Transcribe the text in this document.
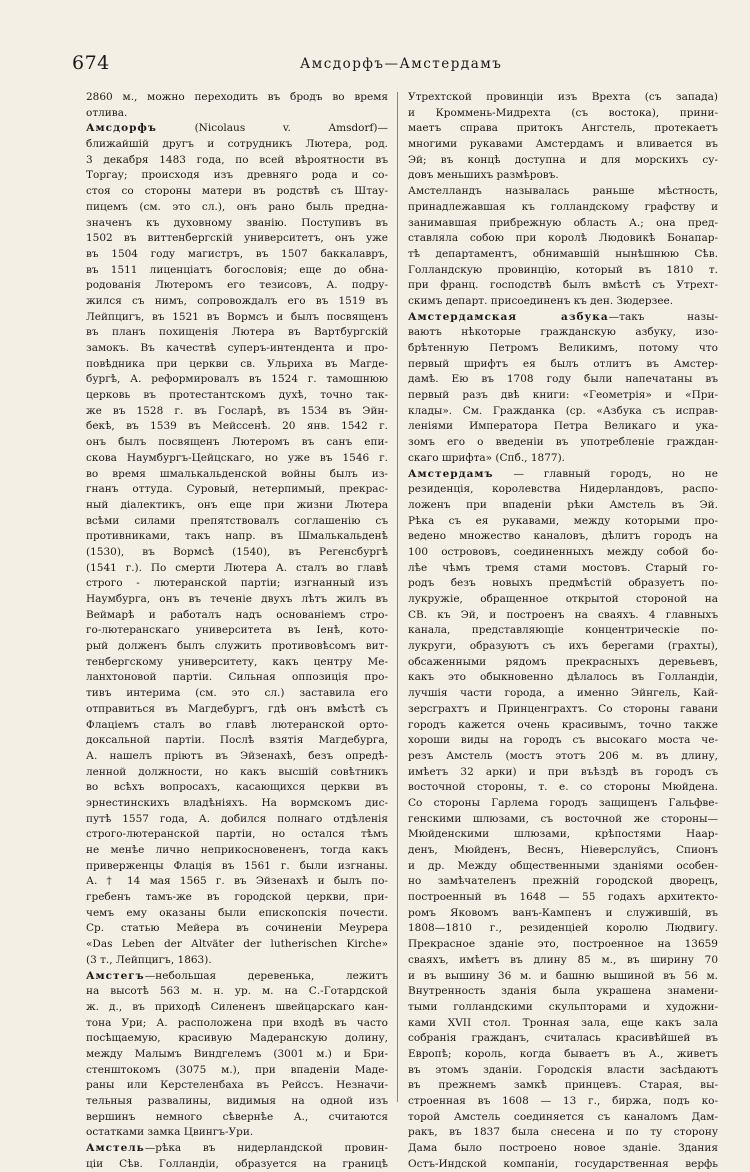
674	Амсдорфъ—Амстердамъ
2860 м., можно переходить въ бродъ во время
отлива.
Амсдорфъ (Nicolaus v. Amsdorf)—
ближайшій другъ и сотрудникъ Лютера, род.
3 декабря 1483 года, по всей вѣроятности въ
Торгау; происходя изъ древняго рода и со-
стоя со стороны матери въ родствѣ съ Штау-
пицемъ (см. это сл.), онъ рано быль предна-
значенъ къ духовному званію. Поступивъ въ
1502 въ виттенбергскій университетъ, онъ уже
въ 1504 году магистръ, въ 1507 баккалавръ,
въ 1511 лиценціатъ богословія; еще до обна-
родованія Лютеромъ его тезисовъ, А. подру-
жился съ нимъ, сопровождалъ его въ 1519 въ
Лейпцигъ, въ 1521 въ Вормсъ и былъ посвященъ
въ планъ похищенія Лютера въ Вартбургскій
замокъ. Въ качествѣ суперъ-интендента и про-
повѣдника при церкви св. Ульриха въ Магде-
бургѣ, А. реформировалъ въ 1524 г. тамошнюю
церковь въ протестантскомъ духѣ, точно так-
же въ 1528 г. въ Госларѣ, въ 1534 въ Эйн-
бекѣ, въ 1539 въ Мейссенѣ. 20 янв. 1542 г.
онъ былъ посвященъ Лютеромъ въ санъ епи-
скова Наумбургъ-Цейцскаго, но уже въ 1546 г.
во время шмалькальденской войны былъ из-
гнанъ оттуда. Суровый, нетерпимый, прекрас-
ный діалектикъ, онъ еще при жизни Лютера
всѣми силами препятствовалъ соглашенію съ
противниками, такъ напр. въ Шмалькальденѣ
(1530), въ Вормсѣ (1540), въ Регенсбургѣ
(1541 г.). По смерти Лютера А. сталъ во главѣ
строго - лютеранской партіи; изгнанный изъ
Наумбурга, онъ въ теченіе двухъ лѣтъ жилъ въ
Веймарѣ и работалъ надъ основаніемъ стро-
го-лютеранскаго университета въ Іенѣ, кото-
рый долженъ былъ служить противовѣсомъ вит-
тенбергскому университету, какъ центру Ме-
ланхтоновой партіи. Сильная оппозиція про-
тивъ интерима (см. это сл.) заставила его
отправиться въ Магдебургъ, гдѣ онъ вмѣстѣ съ
Флаціемъ сталъ во главѣ лютеранской орто-
доксальной партіи. Послѣ взятія Магдебурга,
А. нашелъ пріютъ въ Эйзенахѣ, безъ опредѣ-
ленной должности, но какъ высшій совѣтникъ
во всѣхъ вопросахъ, касающихся церкви въ
эрнестинскихъ владѣніяхъ. На вормскомъ дис-
путѣ 1557 года, А. добился полнаго отдѣленія
строго-лютеранской партіи, но остался тѣмъ
не менѣе лично неприкосновененъ, тогда какъ
приверженцы Флація въ 1561 г. были изгнаны.
А. † 14 мая 1565 г. въ Эйзенахѣ и былъ по-
гребенъ тамъ-же въ городской церкви, при-
чемъ ему оказаны были епископскія почести.
Ср. статью Мейера въ сочиненіи Меурера
«Das Leben der Altväter der lutherischen Kirche»
(3 т., Лейпцигъ, 1863).
Амстегъ—небольшая деревенька, лежитъ
на высотѣ 563 м. н. ур. м. на С.-Готардской
ж. д., въ приходѣ Силененъ швейцарскаго кан-
тона Ури; А. расположена при входѣ въ часто
посѣщаемую, красивую Мадеранскую долину,
между Малымъ Виндгелемъ (3001 м.) и Бри-
стенштокомъ (3075 м.), при впаденіи Маде-
раны или Керстеленбаха въ Рейссъ. Незначи-
тельныя развалины, видимыя на одной изъ
вершинъ немного сѣвернѣе А., считаются
остатками замка Цвингъ-Ури.
Амстель—рѣка въ нидерландской провин-
ціи Сѣв. Голландіи, образуется на границѣ
Утрехтской провинціи изъ Врехта (съ запада)
и Кроммень-Мидрехта (съ востока), прини-
маетъ справа притокъ Ангстель, протекаетъ
многими рукавами Амстердамъ и вливается въ
Эй; въ концѣ доступна и для морскихъ су-
довъ меньшихъ размѣровъ.
Амстелландъ называлась раньше мѣстность,
принадлежавшая къ голландскому графству и
занимавшая прибрежную область А.; она пред-
ставляла собою при королѣ Людовикѣ Бонапар-
тѣ департаментъ, обнимавшій нынѣшнюю Сѣв.
Голландскую провинцію, который въ 1810 т.
при франц. господствѣ былъ вмѣстѣ съ Утрехт-
скимъ департ. присоединенъ къ ден. Зюдерзее.
Амстердамская азбука—такъ назы-
ваютъ нѣкоторые гражданскую азбуку, изо-
брѣтенную Петромъ Великимъ, потому что
первый шрифтъ ея былъ отлитъ въ Амстер-
дамѣ. Ею въ 1708 году были напечатаны въ
первый разъ двѣ книги: «Геометрія» и «При-
клады». См. Гражданка (ср. «Азбука съ исправ-
леніями Императора Петра Великаго и ука-
зомъ его о введеніи въ употребленіе граждан-
скаго шрифта» (Спб., 1877).
Амстердамъ — главный городъ, но не
резиденція, королевства Нидерландовъ, распо-
ложенъ при впаденіи рѣки Амстель въ Эй.
Рѣка съ ея рукавами, между которыми про-
ведено множество каналовъ, дѣлитъ городъ на
100 острововъ, соединенныхъ между собой бо-
лѣе чѣмъ тремя стами мостовъ. Старый го-
родъ безъ новыхъ предмѣстій образуетъ по-
лукружіе, обращенное открытой стороной на
СВ. къ Эй, и построенъ на сваяхъ. 4 главныхъ
канала, представляющіе концентрическіе по-
лукруги, образуютъ съ ихъ берегами (грахты),
обсаженными рядомъ прекрасныхъ деревьевъ,
какъ это обыкновенно дѣлалось въ Голландіи,
лучшія части города, а именно Эйнгель, Кай-
зерсграхтъ и Принценграхтъ. Со стороны гавани
городъ кажется очень красивымъ, точно также
хороши виды на городъ съ высокаго моста че-
резъ Амстель (мостъ этотъ 206 м. въ длину,
имѣетъ 32 арки) и при въѣздѣ въ городъ съ
восточной стороны, т. е. со стороны Мюйдена.
Со стороны Гарлема городъ защищенъ Гальфве-
генскими шлюзами, съ восточной же стороны—
Мюйденскими шлюзами, крѣпостями Наар-
денъ, Мюйденъ, Веснъ, Нieверслуйсъ, Спионъ
и др. Между общественными зданіями особен-
но замѣчателенъ прежній городской дворецъ,
построенный въ 1648 — 55 годахъ архитекто-
ромъ Яковомъ ванъ-Кампенъ и служившій, въ
1808—1810 г., резиденціей королю Людвигу.
Прекрасное зданіе это, построенное на 13659
сваяхъ, имѣетъ въ длину 85 м., въ ширину 70
и въ вышину 36 м. и башню вышиной въ 56 м.
Внутренность зданія была украшена знамени-
тыми голландскими скульпторами и художни-
ками XVII стол. Тронная зала, еще какъ зала
собранія гражданъ, считалась красивѣйшей въ
Европѣ; король, когда бываетъ въ А., живетъ
въ этомъ зданіи. Городскія власти засѣдаютъ
въ прежнемъ замкѣ принцевъ. Старая, вы-
строенная въ 1608 — 13 г., биржа, подъ ко-
торой Амстель соединяется съ каналомъ Дам-
ракъ, въ 1837 была снесена и по ту сторону
Дама было построено новое зданіе. Здания
Остъ-Индской компаніи, государственная верфь
